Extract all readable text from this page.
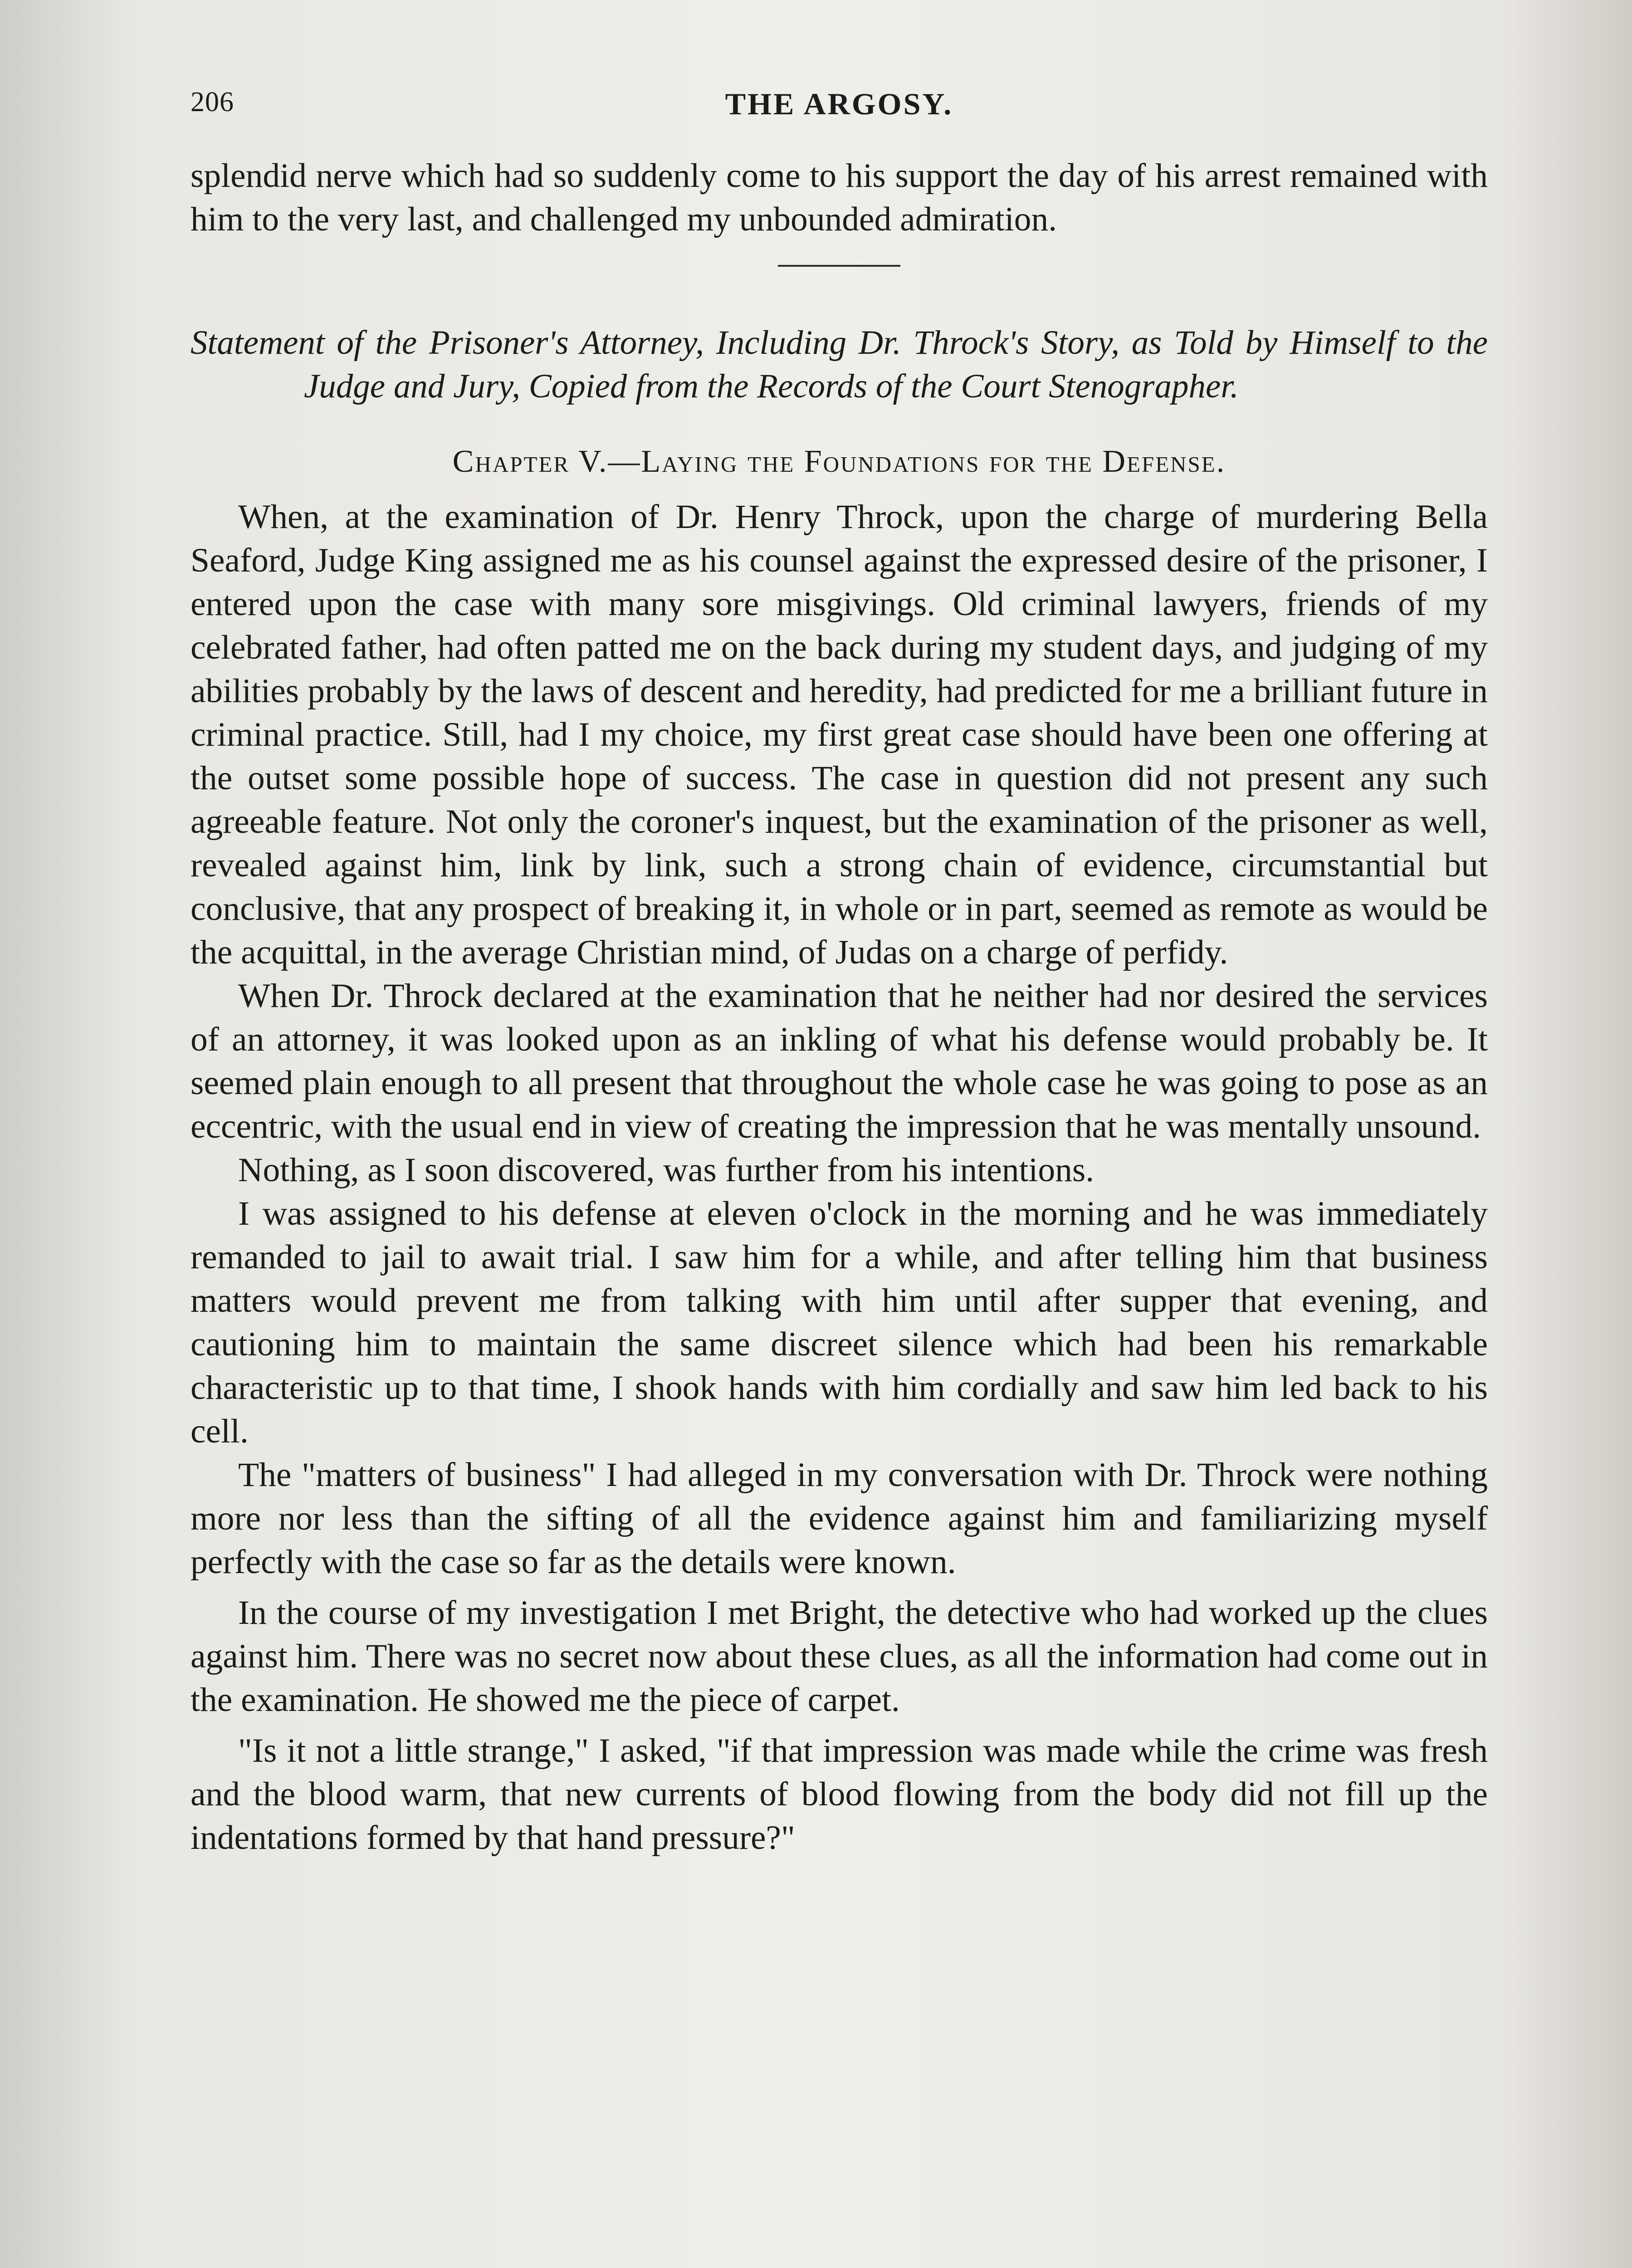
206	THE ARGOSY.

splendid nerve which had so suddenly come to his support the day of his arrest remained with him to the very last, and challenged my unbounded admiration.

Statement of the Prisoner's Attorney, Including Dr. Throck's Story, as Told by Himself to the Judge and Jury, Copied from the Records of the Court Stenographer.

Chapter V.—Laying the Foundations for the Defense.

When, at the examination of Dr. Henry Throck, upon the charge of murdering Bella Seaford, Judge King assigned me as his counsel against the expressed desire of the prisoner, I entered upon the case with many sore misgivings. Old criminal lawyers, friends of my celebrated father, had often patted me on the back during my student days, and judging of my abilities probably by the laws of descent and heredity, had predicted for me a brilliant future in criminal practice. Still, had I my choice, my first great case should have been one offering at the outset some possible hope of success. The case in question did not present any such agreeable feature. Not only the coroner's inquest, but the examination of the prisoner as well, revealed against him, link by link, such a strong chain of evidence, circumstantial but conclusive, that any prospect of breaking it, in whole or in part, seemed as remote as would be the acquittal, in the average Christian mind, of Judas on a charge of perfidy.

When Dr. Throck declared at the examination that he neither had nor desired the services of an attorney, it was looked upon as an inkling of what his defense would probably be. It seemed plain enough to all present that throughout the whole case he was going to pose as an eccentric, with the usual end in view of creating the impression that he was mentally unsound.

Nothing, as I soon discovered, was further from his intentions.

I was assigned to his defense at eleven o'clock in the morning and he was immediately remanded to jail to await trial. I saw him for a while, and after telling him that business matters would prevent me from talking with him until after supper that evening, and cautioning him to maintain the same discreet silence which had been his remarkable characteristic up to that time, I shook hands with him cordially and saw him led back to his cell.

The "matters of business" I had alleged in my conversation with Dr. Throck were nothing more nor less than the sifting of all the evidence against him and familiarizing myself perfectly with the case so far as the details were known.

In the course of my investigation I met Bright, the detective who had worked up the clues against him. There was no secret now about these clues, as all the information had come out in the examination. He showed me the piece of carpet.

"Is it not a little strange," I asked, "if that impression was made while the crime was fresh and the blood warm, that new currents of blood flowing from the body did not fill up the indentations formed by that hand pressure?"
